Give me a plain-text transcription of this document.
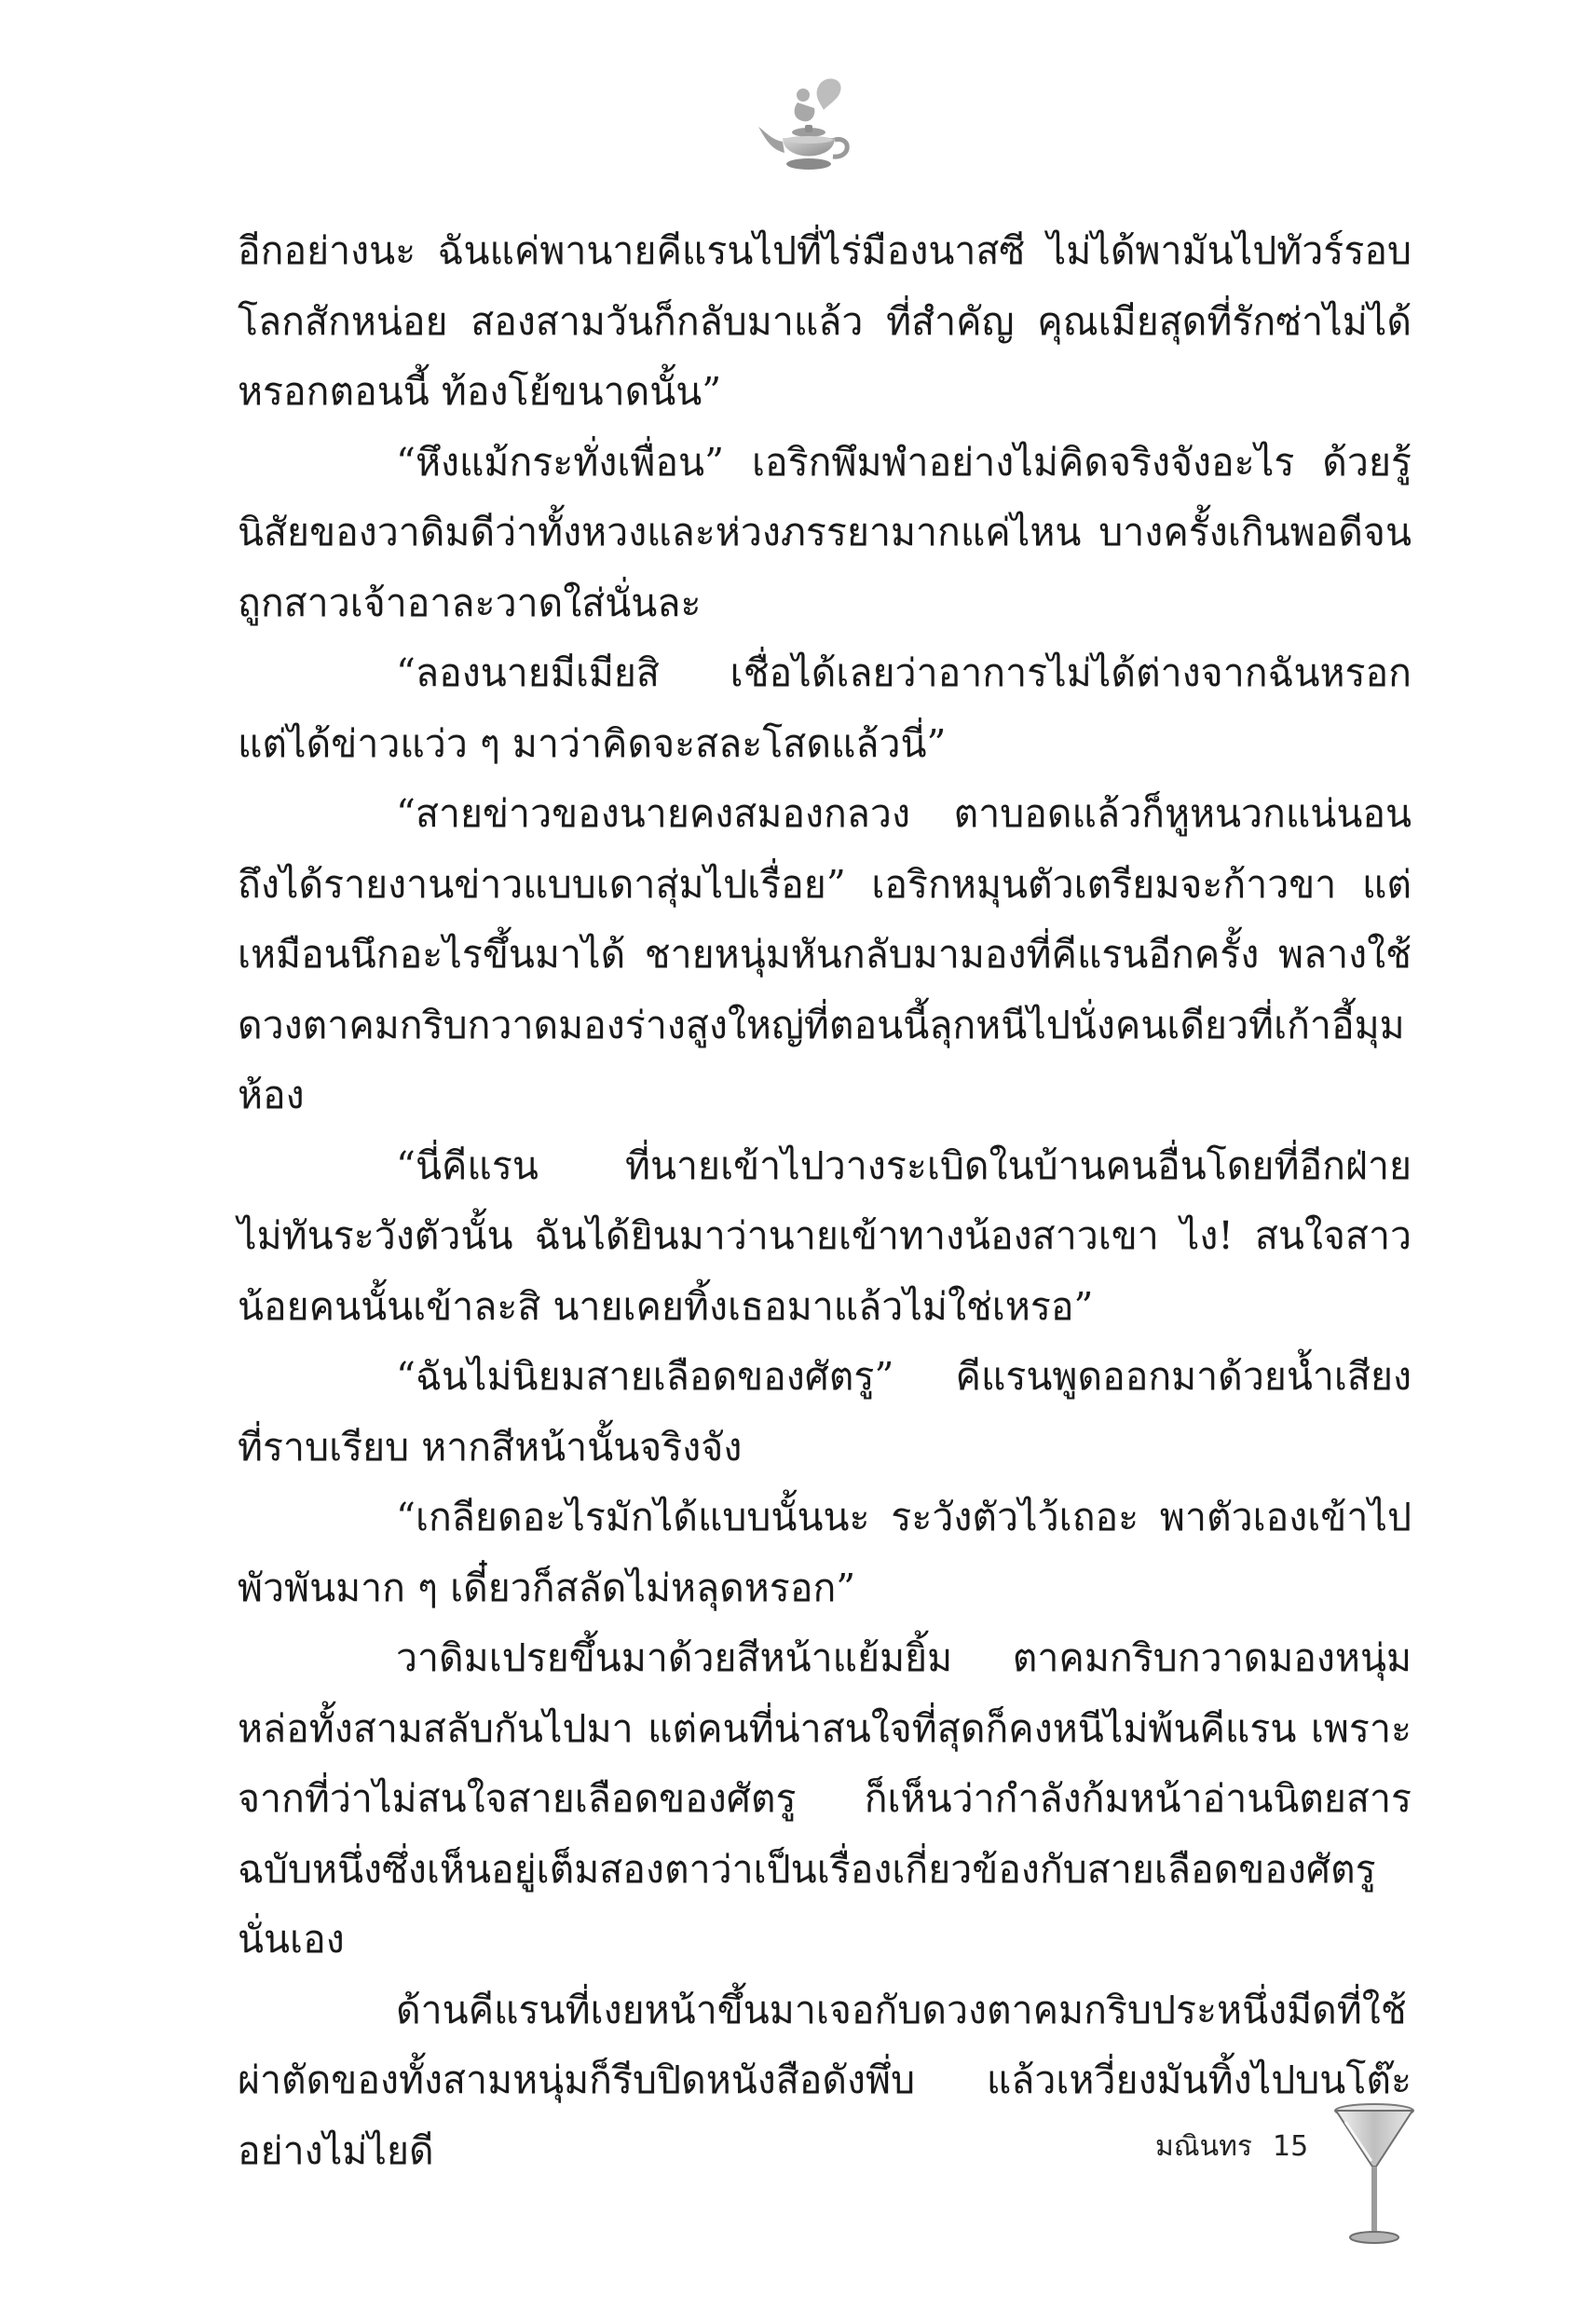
อีกอย่างนะ ฉันแค่พานายคีแรนไปที่ไร่มืองนาสซี ไม่ได้พามันไปทัวร์รอบโลกสักหน่อย สองสามวันก็กลับมาแล้ว ที่สำคัญ คุณเมียสุดที่รักซ่าไม่ได้หรอกตอนนี้ ท้องโย้ขนาดนั้น”

“หึงแม้กระทั่งเพื่อน” เอริกพึมพำอย่างไม่คิดจริงจังอะไร ด้วยรู้นิสัยของวาดิมดีว่าทั้งหวงและห่วงภรรยามากแค่ไหน บางครั้งเกินพอดีจนถูกสาวเจ้าอาละวาดใส่นั่นละ

“ลองนายมีเมียสิ เชื่อได้เลยว่าอาการไม่ได้ต่างจากฉันหรอก แต่ได้ข่าวแว่ว ๆ มาว่าคิดจะสละโสดแล้วนี่”

“สายข่าวของนายคงสมองกลวง ตาบอดแล้วก็หูหนวกแน่นอน ถึงได้รายงานข่าวแบบเดาสุ่มไปเรื่อย” เอริกหมุนตัวเตรียมจะก้าวขา แต่เหมือนนึกอะไรขึ้นมาได้ ชายหนุ่มหันกลับมามองที่คีแรนอีกครั้ง พลางใช้ดวงตาคมกริบกวาดมองร่างสูงใหญ่ที่ตอนนี้ลุกหนีไปนั่งคนเดียวที่เก้าอี้มุมห้อง

“นี่คีแรน ที่นายเข้าไปวางระเบิดในบ้านคนอื่นโดยที่อีกฝ่ายไม่ทันระวังตัวนั้น ฉันได้ยินมาว่านายเข้าทางน้องสาวเขา ไง! สนใจสาวน้อยคนนั้นเข้าละสิ นายเคยทิ้งเธอมาแล้วไม่ใช่เหรอ”

“ฉันไม่นิยมสายเลือดของศัตรู” คีแรนพูดออกมาด้วยน้ำเสียงที่ราบเรียบ หากสีหน้านั้นจริงจัง

“เกลียดอะไรมักได้แบบนั้นนะ ระวังตัวไว้เถอะ พาตัวเองเข้าไปพัวพันมาก ๆ เดี๋ยวก็สลัดไม่หลุดหรอก”

วาดิมเปรยขึ้นมาด้วยสีหน้าแย้มยิ้ม ตาคมกริบกวาดมองหนุ่มหล่อทั้งสามสลับกันไปมา แต่คนที่น่าสนใจที่สุดก็คงหนีไม่พ้นคีแรน เพราะจากที่ว่าไม่สนใจสายเลือดของศัตรู ก็เห็นว่ากำลังก้มหน้าอ่านนิตยสารฉบับหนึ่งซึ่งเห็นอยู่เต็มสองตาว่าเป็นเรื่องเกี่ยวข้องกับสายเลือดของศัตรูนั่นเอง

ด้านคีแรนที่เงยหน้าขึ้นมาเจอกับดวงตาคมกริบประหนึ่งมีดที่ใช้ผ่าตัดของทั้งสามหนุ่มก็รีบปิดหนังสือดังพึ่บ แล้วเหวี่ยงมันทิ้งไปบนโต๊ะอย่างไม่ไยดี	มณินทร 15
